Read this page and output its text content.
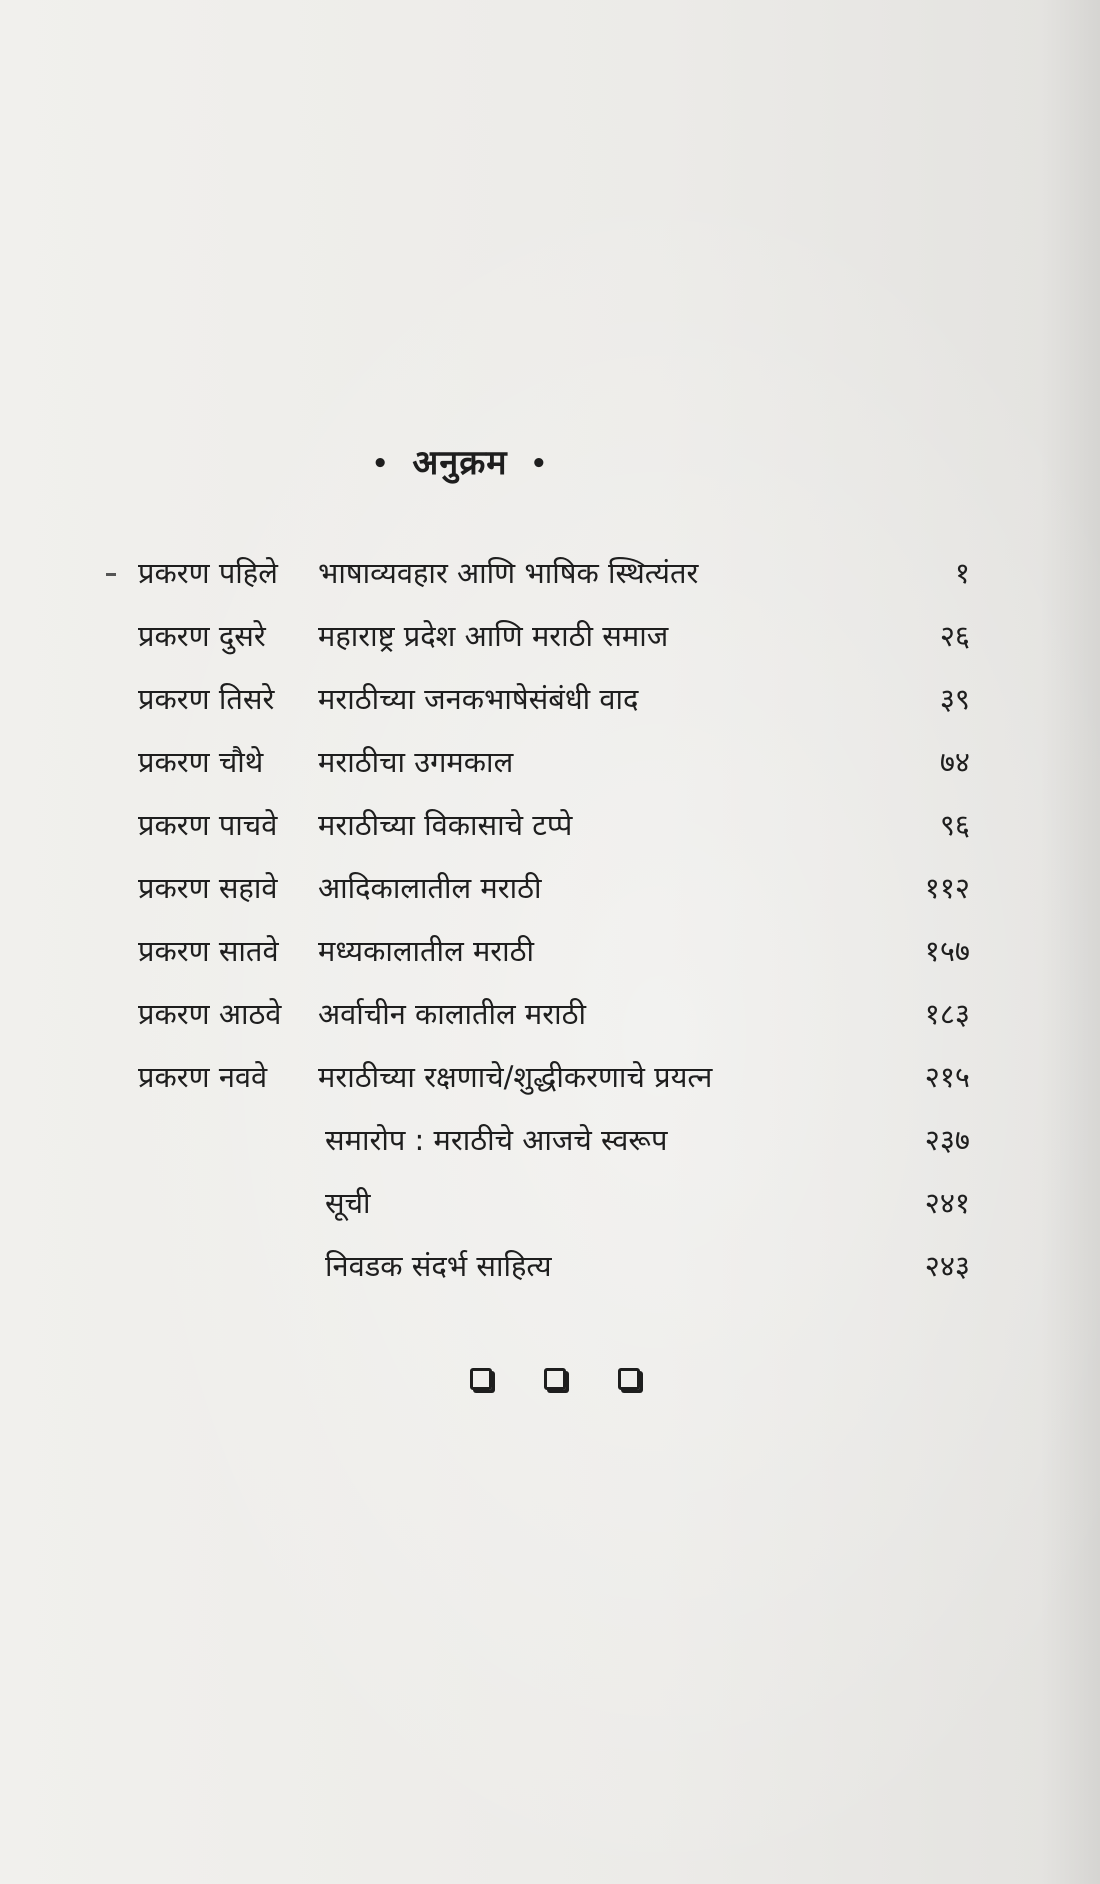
• अनुक्रम •
प्रकरण पहिले भाषाव्यवहार आणि भाषिक स्थित्यंतर	१
प्रकरण दुसरे महाराष्ट्र प्रदेश आणि मराठी समाज	२६
प्रकरण तिसरे मराठीच्या जनकभाषेसंबंधी वाद	३९
प्रकरण चौथे मराठीचा उगमकाल	७४
प्रकरण पाचवे मराठीच्या विकासाचे टप्पे	९६
प्रकरण सहावे आदिकालातील मराठी	११२
प्रकरण सातवे मध्यकालातील मराठी	१५७
प्रकरण आठवे अर्वाचीन कालातील मराठी	१८३
प्रकरण नववे मराठीच्या रक्षणाचे/शुद्धीकरणाचे प्रयत्न	२१५
समारोप : मराठीचे आजचे स्वरूप	२३७
सूची	२४१
निवडक संदर्भ साहित्य	२४३
